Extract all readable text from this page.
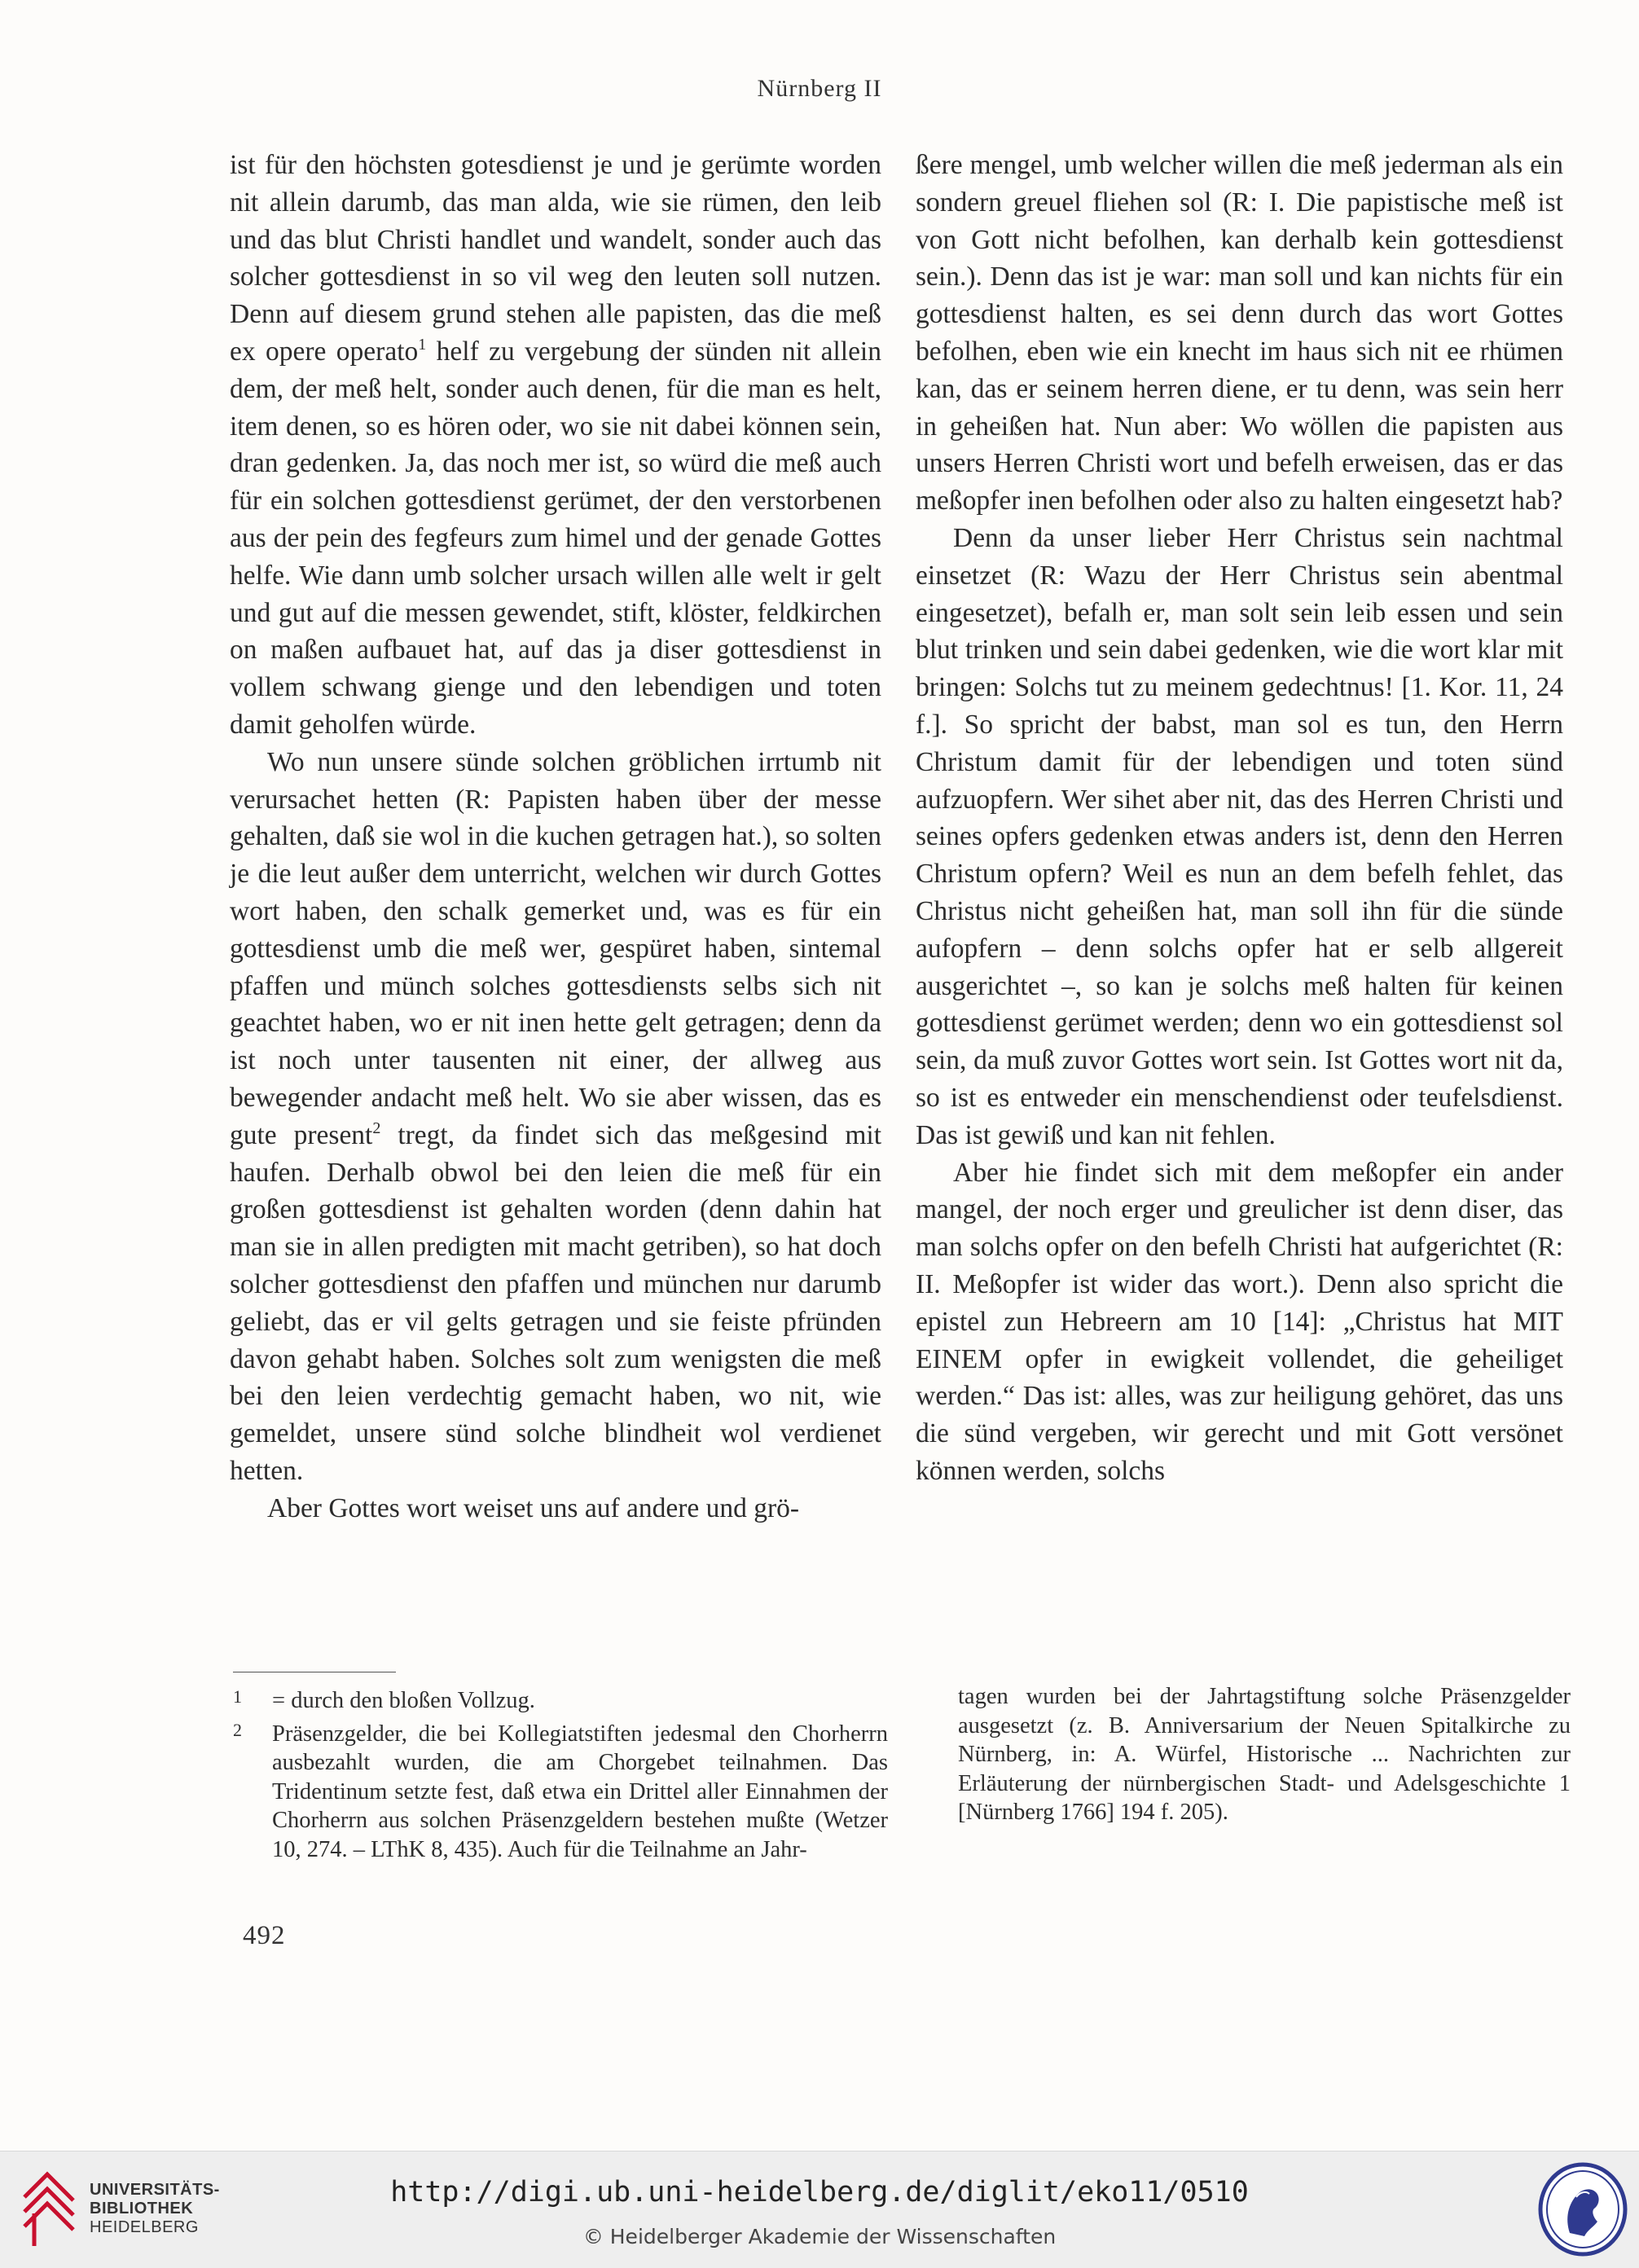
Nürnberg II

ist für den höchsten gotesdienst je und je gerümte worden nit allein darumb, das man alda, wie sie rümen, den leib und das blut Christi handlet und wandelt, sonder auch das solcher gottesdienst in so vil weg den leuten soll nutzen. Denn auf diesem grund stehen alle papisten, das die meß ex opere operato$^1$ helf zu vergebung der sünden nit allein dem, der meß helt, sonder auch denen, für die man es helt, item denen, so es hören oder, wo sie nit dabei können sein, dran gedenken. Ja, das noch mer ist, so würd die meß auch für ein solchen gottesdienst gerümet, der den verstorbenen aus der pein des fegfeurs zum himel und der genade Gottes helfe. Wie dann umb solcher ursach willen alle welt ir gelt und gut auf die messen gewendet, stift, klöster, feldkirchen on maßen aufbauet hat, auf das ja diser gottesdienst in vollem schwang gienge und den lebendigen und toten damit geholfen würde.

Wo nun unsere sünde solchen gröblichen irrtumb nit verursachet hetten (R: Papisten haben über der messe gehalten, daß sie wol in die kuchen getragen hat.), so solten je die leut außer dem unterricht, welchen wir durch Gottes wort haben, den schalk gemerket und, was es für ein gottesdienst umb die meß wer, gespüret haben, sintemal pfaffen und münch solches gottesdiensts selbs sich nit geachtet haben, wo er nit inen hette gelt getragen; denn da ist noch unter tausenten nit einer, der allweg aus bewegender andacht meß helt. Wo sie aber wissen, das es gute present$^2$ tregt, da findet sich das meßgesind mit haufen. Derhalb obwol bei den leien die meß für ein großen gottesdienst ist gehalten worden (denn dahin hat man sie in allen predigten mit macht getriben), so hat doch solcher gottesdienst den pfaffen und münchen nur darumb geliebt, das er vil gelts getragen und sie feiste pfründen davon gehabt haben. Solches solt zum wenigsten die meß bei den leien verdechtig gemacht haben, wo nit, wie gemeldet, unsere sünd solche blindheit wol verdienet hetten.

Aber Gottes wort weiset uns auf andere und grö-

ßere mengel, umb welcher willen die meß jederman als ein sondern greuel fliehen sol (R: I. Die papistische meß ist von Gott nicht befolhen, kan derhalb kein gottesdienst sein.). Denn das ist je war: man soll und kan nichts für ein gottesdienst halten, es sei denn durch das wort Gottes befolhen, eben wie ein knecht im haus sich nit ee rhümen kan, das er seinem herren diene, er tu denn, was sein herr in geheißen hat. Nun aber: Wo wöllen die papisten aus unsers Herren Christi wort und befelh erweisen, das er das meßopfer inen befolhen oder also zu halten eingesetzt hab?

Denn da unser lieber Herr Christus sein nachtmal einsetzet (R: Wazu der Herr Christus sein abentmal eingesetzet), befalh er, man solt sein leib essen und sein blut trinken und sein dabei gedenken, wie die wort klar mit bringen: Solchs tut zu meinem gedechtnus! [1. Kor. 11, 24 f.]. So spricht der babst, man sol es tun, den Herrn Christum damit für der lebendigen und toten sünd aufzuopfern. Wer sihet aber nit, das des Herren Christi und seines opfers gedenken etwas anders ist, denn den Herren Christum opfern? Weil es nun an dem befelh fehlet, das Christus nicht geheißen hat, man soll ihn für die sünde aufopfern – denn solchs opfer hat er selb allgereit ausgerichtet –, so kan je solchs meß halten für keinen gottesdienst gerümet werden; denn wo ein gottesdienst sol sein, da muß zuvor Gottes wort sein. Ist Gottes wort nit da, so ist es entweder ein menschendienst oder teufelsdienst. Das ist gewiß und kan nit fehlen.

Aber hie findet sich mit dem meßopfer ein ander mangel, der noch erger und greulicher ist denn diser, das man solchs opfer on den befelh Christi hat aufgerichtet (R: II. Meßopfer ist wider das wort.). Denn also spricht die epistel zun Hebreern am 10 [14]: „Christus hat MIT EINEM opfer in ewigkeit vollendet, die geheiliget werden.“ Das ist: alles, was zur heiligung gehöret, das uns die sünd vergeben, wir gerecht und mit Gott versönet können werden, solchs

1 = durch den bloßen Vollzug.

2 Präsenzgelder, die bei Kollegiatstiften jedesmal den Chorherrn ausbezahlt wurden, die am Chorgebet teilnahmen. Das Tridentinum setzte fest, daß etwa ein Drittel aller Einnahmen der Chorherrn aus solchen Präsenzgeldern bestehen mußte (Wetzer 10, 274. – LThK 8, 435). Auch für die Teilnahme an Jahr-

tagen wurden bei der Jahrtagstiftung solche Präsenzgelder ausgesetzt (z. B. Anniversarium der Neuen Spitalkirche zu Nürnberg, in: A. Würfel, Historische ... Nachrichten zur Erläuterung der nürnbergischen Stadt- und Adelsgeschichte 1 [Nürnberg 1766] 194 f. 205).

492
UNIVERSITÄTS-
BIBLIOTHEK
HEIDELBERG
http://digi.ub.uni-heidelberg.de/diglit/eko11/0510
© Heidelberger Akademie der Wissenschaften
